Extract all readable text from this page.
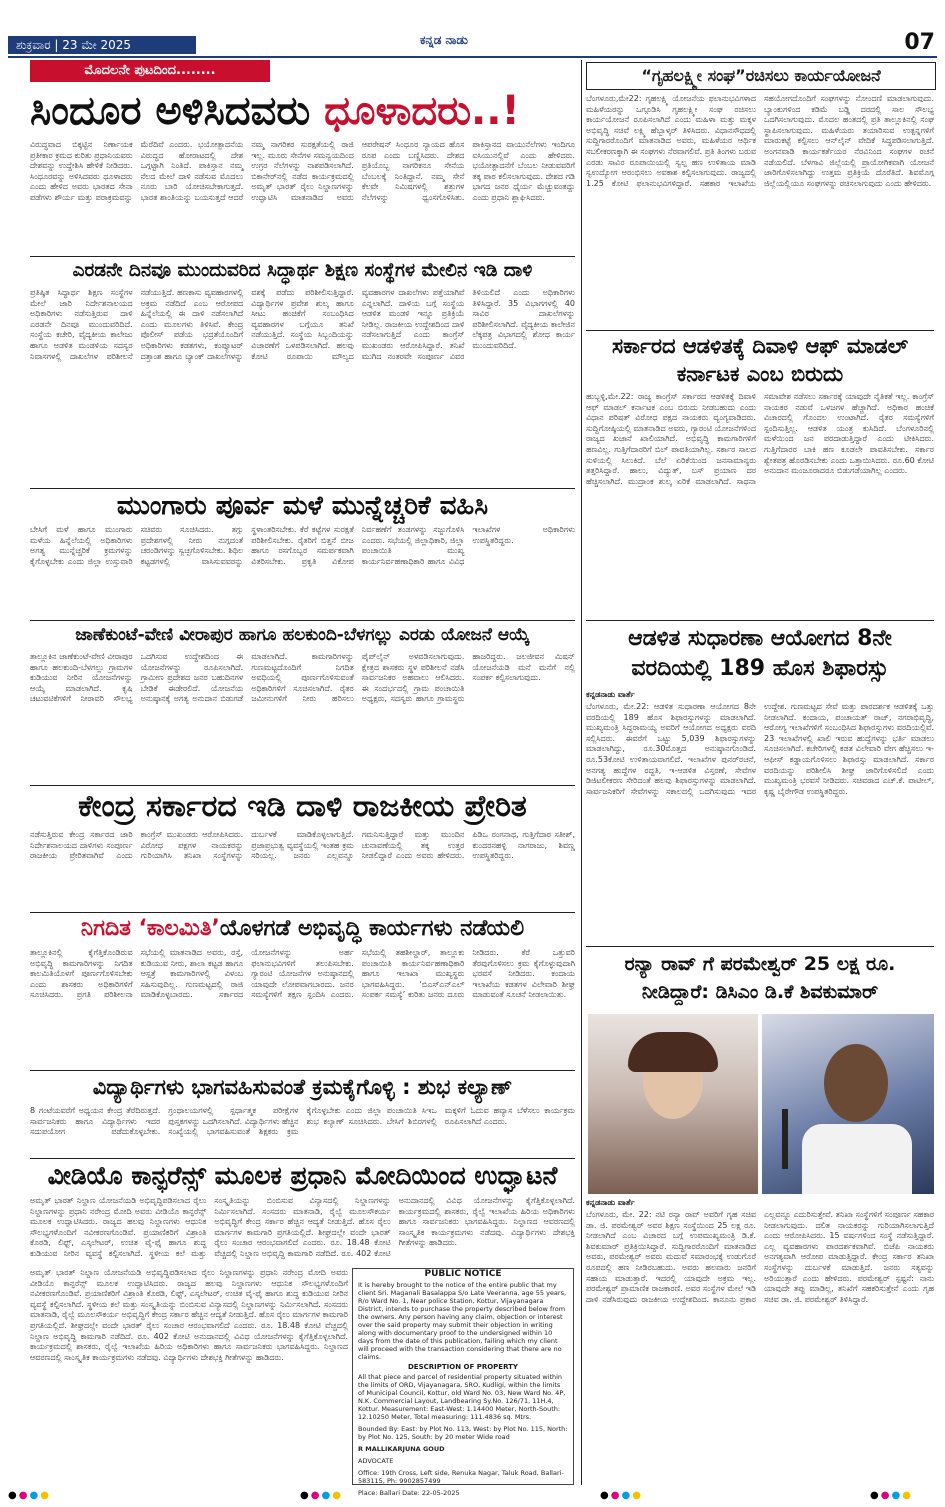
ಶುಕ್ರವಾರ | 23 ಮೇ 2025	ಕನ್ನಡ ನಾಡು	07
ಮೊದಲನೇ ಪುಟದಿಂದ........
ಸಿಂದೂರ ಅಳಿಸಿದವರು ಧೂಳಾದರು..!
ವಿರುದ್ಧವಾದ ಬಿಕ್ಕಟ್ಟಿನ ನಿರ್ಣಾಯಕ ಪ್ರತೀಕಾರ ಕ್ರಮದ ಕುರಿತು ಪ್ರಧಾನಿಯವರು ದೇಶವನ್ನು ಉದ್ದೇಶಿಸಿ ಹೇಳಿಕೆ ನೀಡಿದರು. ಸಿಂಧೂರವನ್ನು ಅಳಿಸಿದವರು ಧೂಳಾದರು ಎಂದು ಹೇಳಿದ ಅವರು ಭಾರತದ ಸೇನಾ ಪಡೆಗಳು ಶೌರ್ಯ ಮತ್ತು ಪರಾಕ್ರಮವನ್ನು ಮೆರೆದಿವೆ ಎಂದರು. ಭಯೋತ್ಪಾದನೆಯ ವಿರುದ್ಧದ ಹೋರಾಟದಲ್ಲಿ ದೇಶ ಒಗ್ಗಟ್ಟಾಗಿ ನಿಂತಿದೆ. ಪಾಕಿಸ್ತಾನ ನಮ್ಮ ನೆಲದ ಮೇಲೆ ದಾಳಿ ನಡೆಸುವ ಮೊದಲು ನೂರು ಬಾರಿ ಯೋಚಿಸಬೇಕಾಗುತ್ತದೆ. ಭಾರತ ಶಾಂತಿಯನ್ನು ಬಯಸುತ್ತದೆ ಆದರೆ ನಮ್ಮ ನಾಗರಿಕರ ಸುರಕ್ಷತೆಯಲ್ಲಿ ರಾಜಿ ಇಲ್ಲ. ಮೂರು ಸೇನೆಗಳ ಸಮನ್ವಯದಿಂದ ಉಗ್ರರ ನೆಲೆಗಳನ್ನು ನಾಶಪಡಿಸಲಾಗಿದೆ. ಬಿಕಾನೇರ್‌ನಲ್ಲಿ ನಡೆದ ಕಾರ್ಯಕ್ರಮದಲ್ಲಿ ಅಮೃತ್ ಭಾರತ್ ರೈಲು ನಿಲ್ದಾಣಗಳನ್ನು ಉದ್ಘಾಟಿಸಿ ಮಾತನಾಡಿದ ಅವರು ಆಪರೇಷನ್ ಸಿಂಧೂರ ನ್ಯಾಯದ ಹೊಸ ರೂಪ ಎಂದು ಬಣ್ಣಿಸಿದರು. ದೇಶದ ಪ್ರತಿಯೊಬ್ಬ ನಾಗರಿಕನೂ ಸೇನೆಯ ಬೆಂಬಲಕ್ಕೆ ನಿಂತಿದ್ದಾನೆ. ನಮ್ಮ ಸೇನೆ ಕೆಲವೇ ನಿಮಿಷಗಳಲ್ಲಿ ಶತ್ರುಗಳ ನೆಲೆಗಳನ್ನು ಧ್ವಂಸಗೊಳಿಸಿತು. ಪಾಕಿಸ್ತಾನದ ವಾಯುನೆಲೆಗಳು ಇಂದಿಗೂ ಐಸಿಯುನಲ್ಲಿವೆ ಎಂದು ಹೇಳಿದರು. ಭಯೋತ್ಪಾದನೆಗೆ ಬೆಂಬಲ ನೀಡುವವರಿಗೆ ತಕ್ಕ ಪಾಠ ಕಲಿಸಲಾಗುವುದು. ದೇಶದ ಗಡಿ ಭಾಗದ ಜನರ ಧೈರ್ಯ ಮೆಚ್ಚುವಂತದ್ದು ಎಂದು ಪ್ರಧಾನಿ ಶ್ಲಾಘಿಸಿದರು.
ಎರಡನೇ ದಿನವೂ ಮುಂದುವರಿದ ಸಿದ್ಧಾರ್ಥ ಶಿಕ್ಷಣ ಸಂಸ್ಥೆಗಳ ಮೇಲಿನ ಇಡಿ ದಾಳಿ
ಪ್ರತಿಷ್ಠಿತ ಸಿದ್ಧಾರ್ಥ ಶಿಕ್ಷಣ ಸಂಸ್ಥೆಗಳ ಮೇಲೆ ಜಾರಿ ನಿರ್ದೇಶನಾಲಯದ ಅಧಿಕಾರಿಗಳು ನಡೆಸುತ್ತಿರುವ ದಾಳಿ ಎರಡನೇ ದಿನವೂ ಮುಂದುವರಿದಿದೆ. ಸಂಸ್ಥೆಯ ಕಚೇರಿ, ವೈದ್ಯಕೀಯ ಕಾಲೇಜು ಹಾಗೂ ಆಡಳಿತ ಮಂಡಳಿಯ ಸದಸ್ಯರ ನಿವಾಸಗಳಲ್ಲಿ ದಾಖಲೆಗಳ ಪರಿಶೀಲನೆ ನಡೆಯುತ್ತಿದೆ. ಹಣಕಾಸು ವ್ಯವಹಾರಗಳಲ್ಲಿ ಅಕ್ರಮ ನಡೆದಿದೆ ಎಂಬ ಆರೋಪದ ಹಿನ್ನೆಲೆಯಲ್ಲಿ ಈ ದಾಳಿ ನಡೆಸಲಾಗಿದೆ ಎಂದು ಮೂಲಗಳು ತಿಳಿಸಿವೆ. ಕೇಂದ್ರ ಪೊಲೀಸ್ ಪಡೆಯ ಭದ್ರತೆಯೊಂದಿಗೆ ಅಧಿಕಾರಿಗಳು ಕಡತಗಳು, ಕಂಪ್ಯೂಟರ್ ದತ್ತಾಂಶ ಹಾಗೂ ಬ್ಯಾಂಕ್ ದಾಖಲೆಗಳನ್ನು ವಶಕ್ಕೆ ಪಡೆದು ಪರಿಶೀಲಿಸುತ್ತಿದ್ದಾರೆ. ವಿದ್ಯಾರ್ಥಿಗಳ ಪ್ರವೇಶ ಶುಲ್ಕ ಹಾಗೂ ಸೀಟು ಹಂಚಿಕೆಗೆ ಸಂಬಂಧಿಸಿದ ವ್ಯವಹಾರಗಳ ಬಗ್ಗೆಯೂ ತನಿಖೆ ನಡೆಯುತ್ತಿದೆ. ಸಂಸ್ಥೆಯ ಸಿಬ್ಬಂದಿಯನ್ನು ವಿಚಾರಣೆಗೆ ಒಳಪಡಿಸಲಾಗಿದೆ. ಹಲವು ಕೋಟಿ ರೂಪಾಯಿ ಮೌಲ್ಯದ ವ್ಯವಹಾರಗಳ ದಾಖಲೆಗಳು ಪತ್ತೆಯಾಗಿವೆ ಎನ್ನಲಾಗಿದೆ. ದಾಳಿಯ ಬಗ್ಗೆ ಸಂಸ್ಥೆಯ ಆಡಳಿತ ಮಂಡಳಿ ಇನ್ನೂ ಪ್ರತಿಕ್ರಿಯೆ ನೀಡಿಲ್ಲ. ರಾಜಕೀಯ ಉದ್ದೇಶದಿಂದ ದಾಳಿ ನಡೆಸಲಾಗುತ್ತಿದೆ ಎಂದು ಕಾಂಗ್ರೆಸ್ ಮುಖಂಡರು ಆರೋಪಿಸಿದ್ದಾರೆ. ತನಿಖೆ ಮುಗಿದ ನಂತರವೇ ಸಂಪೂರ್ಣ ವಿವರ ತಿಳಿಯಲಿದೆ ಎಂದು ಅಧಿಕಾರಿಗಳು ತಿಳಿಸಿದ್ದಾರೆ. 35 ವಿಭಾಗಗಳಲ್ಲಿ 40 ಸಾವಿರ ದಾಖಲೆಗಳನ್ನು ಪರಿಶೀಲಿಸಲಾಗಿದೆ. ವೈದ್ಯಕೀಯ ಕಾಲೇಜಿನ ಲೆಕ್ಕಪತ್ರ ವಿಭಾಗದಲ್ಲಿ ಶೋಧ ಕಾರ್ಯ ಮುಂದುವರಿದಿದೆ.
ಮುಂಗಾರು ಪೂರ್ವ ಮಳೆ ಮುನ್ನೆಚ್ಚರಿಕೆ ವಹಿಸಿ
ಬೇಸಿಗೆ ಮಳೆ ಹಾಗೂ ಮುಂಗಾರು ಮಳೆಯ ಹಿನ್ನೆಲೆಯಲ್ಲಿ ಅಧಿಕಾರಿಗಳು ಅಗತ್ಯ ಮುನ್ನೆಚ್ಚರಿಕೆ ಕ್ರಮಗಳನ್ನು ಕೈಗೊಳ್ಳಬೇಕು ಎಂದು ಜಿಲ್ಲಾ ಉಸ್ತುವಾರಿ ಸಚಿವರು ಸೂಚಿಸಿದರು. ತಗ್ಗು ಪ್ರದೇಶಗಳಲ್ಲಿ ನೀರು ನುಗ್ಗದಂತೆ ಚರಂಡಿಗಳನ್ನು ಸ್ವಚ್ಛಗೊಳಿಸಬೇಕು. ಶಿಥಿಲ ಕಟ್ಟಡಗಳಲ್ಲಿ ವಾಸಿಸುವವರನ್ನು ಸ್ಥಳಾಂತರಿಸಬೇಕು. ಕೆರೆ ಕಟ್ಟೆಗಳ ಸುರಕ್ಷತೆ ಪರಿಶೀಲಿಸಬೇಕು. ರೈತರಿಗೆ ಬಿತ್ತನೆ ಬೀಜ ಹಾಗೂ ರಸಗೊಬ್ಬರ ಸಮರ್ಪಕವಾಗಿ ವಿತರಿಸಬೇಕು. ಪ್ರಕೃತಿ ವಿಕೋಪ ನಿರ್ವಹಣೆಗೆ ತಂಡಗಳನ್ನು ಸಜ್ಜುಗೊಳಿಸಿ ಎಂದರು. ಸಭೆಯಲ್ಲಿ ಜಿಲ್ಲಾಧಿಕಾರಿ, ಜಿಲ್ಲಾ ಪಂಚಾಯಿತಿ ಮುಖ್ಯ ಕಾರ್ಯನಿರ್ವಹಣಾಧಿಕಾರಿ ಹಾಗೂ ವಿವಿಧ ಇಲಾಖೆಗಳ ಅಧಿಕಾರಿಗಳು ಉಪಸ್ಥಿತರಿದ್ದರು.
ಜಾಣೆಕುಂಟೆ-ವೇಣಿ ವೀರಾಪುರ ಹಾಗೂ ಹಲಕುಂದಿ-ಬೆಳಗಲ್ಲು ಎರಡು ಯೋಜನೆ ಆಯ್ಕೆ
ತಾಲ್ಲೂಕಿನ ಜಾಣೆಕುಂಟೆ-ವೇಣಿ ವೀರಾಪುರ ಹಾಗೂ ಹಲಕುಂದಿ-ಬೆಳಗಲ್ಲು ಗ್ರಾಮಗಳ ಕುಡಿಯುವ ನೀರಿನ ಯೋಜನೆಗಳನ್ನು ಆಯ್ಕೆ ಮಾಡಲಾಗಿದೆ. ಕೃಷಿ ಚಟುವಟಿಕೆಗಳಿಗೆ ನೀರಾವರಿ ಸೌಲಭ್ಯ ಒದಗಿಸುವ ಉದ್ದೇಶದಿಂದ ಈ ಯೋಜನೆಗಳನ್ನು ರೂಪಿಸಲಾಗಿದೆ. ಗ್ರಾಮೀಣ ಪ್ರದೇಶದ ಜನರ ಬಹುದಿನಗಳ ಬೇಡಿಕೆ ಈಡೇರಲಿದೆ. ಯೋಜನೆಯ ಅನುಷ್ಠಾನಕ್ಕೆ ಅಗತ್ಯ ಅನುದಾನ ಬಿಡುಗಡೆ ಮಾಡಲಾಗಿದೆ. ಕಾಮಗಾರಿಗಳನ್ನು ಗುಣಮಟ್ಟದೊಂದಿಗೆ ನಿಗದಿತ ಅವಧಿಯಲ್ಲಿ ಪೂರ್ಣಗೊಳಿಸುವಂತೆ ಅಧಿಕಾರಿಗಳಿಗೆ ಸೂಚಿಸಲಾಗಿದೆ. ರೈತರ ಜಮೀನುಗಳಿಗೆ ನೀರು ಹರಿಸಲು ಪೈಪ್‌ಲೈನ್ ಅಳವಡಿಸಲಾಗುವುದು. ಕ್ಷೇತ್ರದ ಶಾಸಕರು ಸ್ಥಳ ಪರಿಶೀಲನೆ ನಡೆಸಿ ಸಾರ್ವಜನಿಕರ ಅಹವಾಲು ಆಲಿಸಿದರು. ಈ ಸಂದರ್ಭದಲ್ಲಿ ಗ್ರಾಮ ಪಂಚಾಯಿತಿ ಅಧ್ಯಕ್ಷರು, ಸದಸ್ಯರು ಹಾಗೂ ಗ್ರಾಮಸ್ಥರು ಹಾಜರಿದ್ದರು. ಜಲಜೀವನ ಮಿಷನ್ ಯೋಜನೆಯಡಿ ಮನೆ ಮನೆಗೆ ನಲ್ಲಿ ಸಂಪರ್ಕ ಕಲ್ಪಿಸಲಾಗುವುದು.
ಕೇಂದ್ರ ಸರ್ಕಾರದ ಇಡಿ ದಾಳಿ ರಾಜಕೀಯ ಪ್ರೇರಿತ
ನಡೆಸುತ್ತಿರುವ ಕೇಂದ್ರ ಸರ್ಕಾರದ ಜಾರಿ ನಿರ್ದೇಶನಾಲಯದ ದಾಳಿಗಳು ಸಂಪೂರ್ಣ ರಾಜಕೀಯ ಪ್ರೇರಿತವಾಗಿವೆ ಎಂದು ಕಾಂಗ್ರೆಸ್ ಮುಖಂಡರು ಆರೋಪಿಸಿದರು. ವಿರೋಧ ಪಕ್ಷಗಳ ನಾಯಕರನ್ನು ಗುರಿಯಾಗಿಸಿ ತನಿಖಾ ಸಂಸ್ಥೆಗಳನ್ನು ದುರ್ಬಳಕೆ ಮಾಡಿಕೊಳ್ಳಲಾಗುತ್ತಿದೆ. ಪ್ರಜಾಪ್ರಭುತ್ವ ವ್ಯವಸ್ಥೆಯಲ್ಲಿ ಇಂತಹ ಕ್ರಮ ಸರಿಯಲ್ಲ. ಜನರು ಎಲ್ಲವನ್ನೂ ಗಮನಿಸುತ್ತಿದ್ದಾರೆ ಮತ್ತು ಮುಂದಿನ ಚುನಾವಣೆಯಲ್ಲಿ ತಕ್ಕ ಉತ್ತರ ನೀಡಲಿದ್ದಾರೆ ಎಂದು ಅವರು ಹೇಳಿದರು. ಪಿಡಿಒ ರಂಗನಾಥ, ಗುತ್ತಿಗೆದಾರ ಸತೀಶ್, ಕುಂದರನಹಳ್ಳಿ ನಾಗರಾಜು, ಶಿವಣ್ಣ ಉಪಸ್ಥಿತರಿದ್ದರು.
ನಿಗದಿತ ‘ಕಾಲಮಿತಿ’ಯೊಳಗಡೆ ಅಭಿವೃದ್ಧಿ ಕಾರ್ಯಗಳು ನಡೆಯಲಿ
ತಾಲ್ಲೂಕಿನಲ್ಲಿ ಕೈಗೆತ್ತಿಕೊಂಡಿರುವ ಅಭಿವೃದ್ಧಿ ಕಾಮಗಾರಿಗಳನ್ನು ನಿಗದಿತ ಕಾಲಮಿತಿಯೊಳಗೆ ಪೂರ್ಣಗೊಳಿಸಬೇಕು ಎಂದು ಶಾಸಕರು ಅಧಿಕಾರಿಗಳಿಗೆ ಸೂಚಿಸಿದರು. ಪ್ರಗತಿ ಪರಿಶೀಲನಾ ಸಭೆಯಲ್ಲಿ ಮಾತನಾಡಿದ ಅವರು, ರಸ್ತೆ, ಕುಡಿಯುವ ನೀರು, ಶಾಲಾ ಕಟ್ಟಡ ಹಾಗೂ ಆಸ್ಪತ್ರೆ ಕಾಮಗಾರಿಗಳಲ್ಲಿ ವಿಳಂಬ ಸಹಿಸುವುದಿಲ್ಲ. ಗುಣಮಟ್ಟದಲ್ಲಿ ರಾಜಿ ಮಾಡಿಕೊಳ್ಳಬಾರದು. ಸರ್ಕಾರದ ಯೋಜನೆಗಳನ್ನು ಅರ್ಹ ಫಲಾನುಭವಿಗಳಿಗೆ ತಲುಪಿಸಬೇಕು. ಗ್ಯಾರಂಟಿ ಯೋಜನೆಗಳ ಅನುಷ್ಠಾನದಲ್ಲಿ ಯಾವುದೇ ಲೋಪವಾಗಬಾರದು. ಜನರ ಸಮಸ್ಯೆಗಳಿಗೆ ತಕ್ಷಣ ಸ್ಪಂದಿಸಿ ಎಂದರು. ಸಭೆಯಲ್ಲಿ ತಹಶೀಲ್ದಾರ್, ತಾಲ್ಲೂಕು ಪಂಚಾಯಿತಿ ಕಾರ್ಯನಿರ್ವಹಣಾಧಿಕಾರಿ ಹಾಗೂ ಇಲಾಖಾ ಮುಖ್ಯಸ್ಥರು ಭಾಗವಹಿಸಿದ್ದರು. ‘ಬಿಎಸ್‌ಎನ್‌ಎಲ್ ಸಂಪರ್ಕ ಸಮಸ್ಯೆ’ ಕುರಿತು ಜನರು ದೂರು ನೀಡಿದರು. ಕೆರೆ ಒತ್ತುವರಿ ತೆರವುಗೊಳಿಸಲು ಕ್ರಮ ಕೈಗೊಳ್ಳುವುದಾಗಿ ಭರವಸೆ ನೀಡಿದರು. ಕಂದಾಯ ಇಲಾಖೆಯ ಕಡತಗಳ ವಿಲೇವಾರಿ ಶೀಘ್ರ ಮಾಡುವಂತೆ ಸೂಚನೆ ನೀಡಲಾಯಿತು.
ವಿದ್ಯಾರ್ಥಿಗಳು ಭಾಗವಹಿಸುವಂತೆ ಕ್ರಮಕೈಗೊಳ್ಳಿ : ಶುಭ ಕಲ್ಯಾಣ್
8 ಗಂಟೆಯವರೆಗೆ ಅಧ್ಯಯನ ಕೇಂದ್ರ ತೆರೆದಿರುತ್ತದೆ. ಸಾರ್ವಜನಿಕರು ಹಾಗೂ ವಿದ್ಯಾರ್ಥಿಗಳು ಇದರ ಸದುಪಯೋಗ ಪಡೆದುಕೊಳ್ಳಬೇಕು. ಗ್ರಂಥಾಲಯಗಳಲ್ಲಿ ಸ್ಪರ್ಧಾತ್ಮಕ ಪರೀಕ್ಷೆಗಳ ಪುಸ್ತಕಗಳನ್ನು ಒದಗಿಸಲಾಗಿದೆ. ವಿದ್ಯಾರ್ಥಿಗಳು ಹೆಚ್ಚಿನ ಸಂಖ್ಯೆಯಲ್ಲಿ ಭಾಗವಹಿಸುವಂತೆ ಶಿಕ್ಷಕರು ಕ್ರಮ ಕೈಗೊಳ್ಳಬೇಕು ಎಂದು ಜಿಲ್ಲಾ ಪಂಚಾಯಿತಿ ಸಿಇಒ ಶುಭ ಕಲ್ಯಾಣ್ ಸೂಚಿಸಿದರು. ಬೇಸಿಗೆ ಶಿಬಿರಗಳಲ್ಲಿ ಮಕ್ಕಳಿಗೆ ಓದುವ ಹವ್ಯಾಸ ಬೆಳೆಸಲು ಕಾರ್ಯಕ್ರಮ ರೂಪಿಸಲಾಗಿದೆ ಎಂದರು.
ವೀಡಿಯೊ ಕಾನ್ಫರೆನ್ಸ್ ಮೂಲಕ ಪ್ರಧಾನಿ ಮೋದಿಯಿಂದ ಉದ್ಘಾಟನೆ
ಅಮೃತ್ ಭಾರತ್ ನಿಲ್ದಾಣ ಯೋಜನೆಯಡಿ ಅಭಿವೃದ್ಧಿಪಡಿಸಲಾದ ರೈಲು ನಿಲ್ದಾಣಗಳನ್ನು ಪ್ರಧಾನಿ ನರೇಂದ್ರ ಮೋದಿ ಅವರು ವೀಡಿಯೊ ಕಾನ್ಫರೆನ್ಸ್ ಮೂಲಕ ಉದ್ಘಾಟಿಸಿದರು. ರಾಜ್ಯದ ಹಲವು ನಿಲ್ದಾಣಗಳು ಆಧುನಿಕ ಸೌಲಭ್ಯಗಳೊಂದಿಗೆ ನವೀಕರಣಗೊಂಡಿವೆ. ಪ್ರಯಾಣಿಕರಿಗೆ ವಿಶ್ರಾಂತಿ ಕೊಠಡಿ, ಲಿಫ್ಟ್, ಎಸ್ಕಲೇಟರ್, ಉಚಿತ ವೈ-ಫೈ ಹಾಗೂ ಶುದ್ಧ ಕುಡಿಯುವ ನೀರಿನ ವ್ಯವಸ್ಥೆ ಕಲ್ಪಿಸಲಾಗಿದೆ. ಸ್ಥಳೀಯ ಕಲೆ ಮತ್ತು ಸಂಸ್ಕೃತಿಯನ್ನು ಬಿಂಬಿಸುವ ವಿನ್ಯಾಸದಲ್ಲಿ ನಿಲ್ದಾಣಗಳನ್ನು ನಿರ್ಮಿಸಲಾಗಿದೆ. ಸಂಸದರು ಮಾತನಾಡಿ, ರೈಲ್ವೆ ಮೂಲಸೌಕರ್ಯ ಅಭಿವೃದ್ಧಿಗೆ ಕೇಂದ್ರ ಸರ್ಕಾರ ಹೆಚ್ಚಿನ ಆದ್ಯತೆ ನೀಡುತ್ತಿದೆ. ಹೊಸ ರೈಲು ಮಾರ್ಗಗಳ ಕಾಮಗಾರಿ ಪ್ರಗತಿಯಲ್ಲಿದೆ. ಶೀಘ್ರದಲ್ಲೇ ವಂದೇ ಭಾರತ್ ರೈಲು ಸಂಚಾರ ಆರಂಭವಾಗಲಿದೆ ಎಂದರು. ರೂ. 18.48 ಕೋಟಿ ವೆಚ್ಚದಲ್ಲಿ ನಿಲ್ದಾಣ ಅಭಿವೃದ್ಧಿ ಕಾಮಗಾರಿ ನಡೆದಿದೆ. ರೂ. 402 ಕೋಟಿ ಅನುದಾನದಲ್ಲಿ ವಿವಿಧ ಯೋಜನೆಗಳನ್ನು ಕೈಗೆತ್ತಿಕೊಳ್ಳಲಾಗಿದೆ. ಕಾರ್ಯಕ್ರಮದಲ್ಲಿ ಶಾಸಕರು, ರೈಲ್ವೆ ಇಲಾಖೆಯ ಹಿರಿಯ ಅಧಿಕಾರಿಗಳು ಹಾಗೂ ಸಾರ್ವಜನಿಕರು ಭಾಗವಹಿಸಿದ್ದರು. ನಿಲ್ದಾಣದ ಆವರಣದಲ್ಲಿ ಸಾಂಸ್ಕೃತಿಕ ಕಾರ್ಯಕ್ರಮಗಳು ನಡೆದವು. ವಿದ್ಯಾರ್ಥಿಗಳು ದೇಶಭಕ್ತಿ ಗೀತೆಗಳನ್ನು ಹಾಡಿದರು.
ಅಮೃತ್ ಭಾರತ್ ನಿಲ್ದಾಣ ಯೋಜನೆಯಡಿ ಅಭಿವೃದ್ಧಿಪಡಿಸಲಾದ ರೈಲು ನಿಲ್ದಾಣಗಳನ್ನು ಪ್ರಧಾನಿ ನರೇಂದ್ರ ಮೋದಿ ಅವರು ವೀಡಿಯೊ ಕಾನ್ಫರೆನ್ಸ್ ಮೂಲಕ ಉದ್ಘಾಟಿಸಿದರು. ರಾಜ್ಯದ ಹಲವು ನಿಲ್ದಾಣಗಳು ಆಧುನಿಕ ಸೌಲಭ್ಯಗಳೊಂದಿಗೆ ನವೀಕರಣಗೊಂಡಿವೆ. ಪ್ರಯಾಣಿಕರಿಗೆ ವಿಶ್ರಾಂತಿ ಕೊಠಡಿ, ಲಿಫ್ಟ್, ಎಸ್ಕಲೇಟರ್, ಉಚಿತ ವೈ-ಫೈ ಹಾಗೂ ಶುದ್ಧ ಕುಡಿಯುವ ನೀರಿನ ವ್ಯವಸ್ಥೆ ಕಲ್ಪಿಸಲಾಗಿದೆ. ಸ್ಥಳೀಯ ಕಲೆ ಮತ್ತು ಸಂಸ್ಕೃತಿಯನ್ನು ಬಿಂಬಿಸುವ ವಿನ್ಯಾಸದಲ್ಲಿ ನಿಲ್ದಾಣಗಳನ್ನು ನಿರ್ಮಿಸಲಾಗಿದೆ. ಸಂಸದರು ಮಾತನಾಡಿ, ರೈಲ್ವೆ ಮೂಲಸೌಕರ್ಯ ಅಭಿವೃದ್ಧಿಗೆ ಕೇಂದ್ರ ಸರ್ಕಾರ ಹೆಚ್ಚಿನ ಆದ್ಯತೆ ನೀಡುತ್ತಿದೆ. ಹೊಸ ರೈಲು ಮಾರ್ಗಗಳ ಕಾಮಗಾರಿ ಪ್ರಗತಿಯಲ್ಲಿದೆ. ಶೀಘ್ರದಲ್ಲೇ ವಂದೇ ಭಾರತ್ ರೈಲು ಸಂಚಾರ ಆರಂಭವಾಗಲಿದೆ ಎಂದರು. ರೂ. 18.48 ಕೋಟಿ ವೆಚ್ಚದಲ್ಲಿ ನಿಲ್ದಾಣ ಅಭಿವೃದ್ಧಿ ಕಾಮಗಾರಿ ನಡೆದಿದೆ. ರೂ. 402 ಕೋಟಿ ಅನುದಾನದಲ್ಲಿ ವಿವಿಧ ಯೋಜನೆಗಳನ್ನು ಕೈಗೆತ್ತಿಕೊಳ್ಳಲಾಗಿದೆ. ಕಾರ್ಯಕ್ರಮದಲ್ಲಿ ಶಾಸಕರು, ರೈಲ್ವೆ ಇಲಾಖೆಯ ಹಿರಿಯ ಅಧಿಕಾರಿಗಳು ಹಾಗೂ ಸಾರ್ವಜನಿಕರು ಭಾಗವಹಿಸಿದ್ದರು. ನಿಲ್ದಾಣದ ಆವರಣದಲ್ಲಿ ಸಾಂಸ್ಕೃತಿಕ ಕಾರ್ಯಕ್ರಮಗಳು ನಡೆದವು. ವಿದ್ಯಾರ್ಥಿಗಳು ದೇಶಭಕ್ತಿ ಗೀತೆಗಳನ್ನು ಹಾಡಿದರು.
PUBLIC NOTICE
It is hereby brought to the notice of the entire public that my client Sri. Maganali Basalappa S/o Late Veeranna, age 55 years, R/o Ward No. 1, Near police Station, Kottur, Vijayanagara District, intends to purchase the property described below from the owners. Any person having any claim, objection or interest over the said property may submit their objection in writing along with documentary proof to the undersigned within 10 days from the date of this publication, failing which my client will proceed with the transaction considering that there are no claims.
DESCRIPTION OF PROPERTY
All that piece and parcel of residential property situated within the limits of ORD, Vijayanagara, SRO, Kudligi, within the limits of Municipal Council, Kottur, old Ward No. 03, New Ward No. 4P, N.K. Commercial Layout, Landbearing Sy.No. 126/71, 11H.4, Kottur. Measurement: East-West: 1.14400 Meter, North-South: 12.10250 Meter, Total measuring: 111.4836 sq. Mtrs.
Bounded By: East: by Plot No. 113, West: by Plot No. 115, North: by Plot No. 125, South: by 20 meter Wide road
R MALLIKARJUNA GOUD
ADVOCATE
Office: 19th Cross, Left side, Renuka Nagar, Taluk Road, Ballari-583115, Ph: 9902857499
Place: Ballari Date: 22-05-2025
“ಗೃಹಲಕ್ಷ್ಮೀ ಸಂಘ”ರಚಿಸಲು ಕಾರ್ಯಯೋಜನೆ
ಬೆಂಗಳೂರು,ಮೇ22: ಗೃಹಲಕ್ಷ್ಮಿ ಯೋಜನೆಯ ಫಲಾನುಭವಿಗಳಾದ ಮಹಿಳೆಯರನ್ನು ಒಗ್ಗೂಡಿಸಿ ಗೃಹಲಕ್ಷ್ಮೀ ಸಂಘ ರಚಿಸಲು ಕಾರ್ಯಯೋಜನೆ ರೂಪಿಸಲಾಗಿದೆ ಎಂದು ಮಹಿಳಾ ಮತ್ತು ಮಕ್ಕಳ ಅಭಿವೃದ್ಧಿ ಸಚಿವೆ ಲಕ್ಷ್ಮಿ ಹೆಬ್ಬಾಳ್ಕರ್ ತಿಳಿಸಿದರು. ವಿಧಾನಸೌಧದಲ್ಲಿ ಸುದ್ದಿಗಾರರೊಂದಿಗೆ ಮಾತನಾಡಿದ ಅವರು, ಮಹಿಳೆಯರ ಆರ್ಥಿಕ ಸಬಲೀಕರಣಕ್ಕಾಗಿ ಈ ಸಂಘಗಳು ನೆರವಾಗಲಿವೆ. ಪ್ರತಿ ತಿಂಗಳು ಬರುವ ಎರಡು ಸಾವಿರ ರೂಪಾಯಿಯಲ್ಲಿ ಸ್ವಲ್ಪ ಹಣ ಉಳಿತಾಯ ಮಾಡಿ ಸ್ವಉದ್ಯೋಗ ಆರಂಭಿಸಲು ಅವಕಾಶ ಕಲ್ಪಿಸಲಾಗುವುದು. ರಾಜ್ಯದಲ್ಲಿ 1.25 ಕೋಟಿ ಫಲಾನುಭವಿಗಳಿದ್ದಾರೆ. ಸಹಕಾರ ಇಲಾಖೆಯ ಸಹಯೋಗದೊಂದಿಗೆ ಸಂಘಗಳನ್ನು ನೋಂದಣಿ ಮಾಡಲಾಗುವುದು. ಬ್ಯಾಂಕುಗಳಿಂದ ಕಡಿಮೆ ಬಡ್ಡಿ ದರದಲ್ಲಿ ಸಾಲ ಸೌಲಭ್ಯ ಒದಗಿಸಲಾಗುವುದು. ಮೊದಲ ಹಂತದಲ್ಲಿ ಪ್ರತಿ ತಾಲ್ಲೂಕಿನಲ್ಲಿ ಸಂಘ ಸ್ಥಾಪಿಸಲಾಗುವುದು. ಮಹಿಳೆಯರು ತಯಾರಿಸುವ ಉತ್ಪನ್ನಗಳಿಗೆ ಮಾರುಕಟ್ಟೆ ಕಲ್ಪಿಸಲು ಆನ್‌ಲೈನ್ ವೇದಿಕೆ ಸಿದ್ಧಪಡಿಸಲಾಗುತ್ತಿದೆ. ಅಂಗನವಾಡಿ ಕಾರ್ಯಕರ್ತೆಯರ ನೆರವಿನಿಂದ ಸಂಘಗಳ ರಚನೆ ನಡೆಯಲಿದೆ. ಬೆಳಗಾವಿ ಜಿಲ್ಲೆಯಲ್ಲಿ ಪ್ರಾಯೋಗಿಕವಾಗಿ ಯೋಜನೆ ಜಾರಿಗೊಳಿಸಲಾಗಿದ್ದು ಉತ್ತಮ ಪ್ರತಿಕ್ರಿಯೆ ದೊರೆತಿದೆ. ಶಿವಮೊಗ್ಗ ಜಿಲ್ಲೆಯಲ್ಲಿಯೂ ಸಂಘಗಳನ್ನು ರಚಿಸಲಾಗುವುದು ಎಂದು ಹೇಳಿದರು.
ಸರ್ಕಾರದ ಆಡಳಿತಕ್ಕೆ ದಿವಾಳಿ ಆಫ್ ಮಾಡಲ್ ಕರ್ನಾಟಕ ಎಂಬ ಬಿರುದು
ಹುಬ್ಬಳ್ಳಿ,ಮೇ.22: ರಾಜ್ಯ ಕಾಂಗ್ರೆಸ್ ಸರ್ಕಾರದ ಆಡಳಿತಕ್ಕೆ ದಿವಾಳಿ ಆಫ್ ಮಾಡಲ್ ಕರ್ನಾಟಕ ಎಂಬ ಬಿರುದು ನೀಡಬಹುದು ಎಂದು ವಿಧಾನ ಪರಿಷತ್ ವಿರೋಧ ಪಕ್ಷದ ನಾಯಕರು ವ್ಯಂಗ್ಯವಾಡಿದರು. ಸುದ್ದಿಗೋಷ್ಠಿಯಲ್ಲಿ ಮಾತನಾಡಿದ ಅವರು, ಗ್ಯಾರಂಟಿ ಯೋಜನೆಗಳಿಂದ ರಾಜ್ಯದ ಖಜಾನೆ ಖಾಲಿಯಾಗಿದೆ. ಅಭಿವೃದ್ಧಿ ಕಾಮಗಾರಿಗಳಿಗೆ ಹಣವಿಲ್ಲ. ಗುತ್ತಿಗೆದಾರರಿಗೆ ಬಿಲ್ ಪಾವತಿಯಾಗಿಲ್ಲ. ಸರ್ಕಾರ ಸಾಲದ ಸುಳಿಯಲ್ಲಿ ಸಿಲುಕಿದೆ. ಬೆಲೆ ಏರಿಕೆಯಿಂದ ಜನಸಾಮಾನ್ಯರು ತತ್ತರಿಸಿದ್ದಾರೆ. ಹಾಲು, ವಿದ್ಯುತ್, ಬಸ್ ಪ್ರಯಾಣ ದರ ಹೆಚ್ಚಿಸಲಾಗಿದೆ. ಮುದ್ರಾಂಕ ಶುಲ್ಕ ಏರಿಕೆ ಮಾಡಲಾಗಿದೆ. ಸಾಧನಾ ಸಮಾವೇಶ ನಡೆಸಲು ಸರ್ಕಾರಕ್ಕೆ ಯಾವುದೇ ನೈತಿಕತೆ ಇಲ್ಲ. ಕಾಂಗ್ರೆಸ್ ನಾಯಕರ ನಡುವೆ ಒಳಜಗಳ ಹೆಚ್ಚಾಗಿದೆ. ಅಧಿಕಾರ ಹಂಚಿಕೆ ವಿಚಾರದಲ್ಲಿ ಗೊಂದಲ ಉಂಟಾಗಿದೆ. ರೈತರ ಸಮಸ್ಯೆಗಳಿಗೆ ಸ್ಪಂದಿಸುತ್ತಿಲ್ಲ. ಆಡಳಿತ ಯಂತ್ರ ಕುಸಿದಿದೆ. ಬೆಂಗಳೂರಿನಲ್ಲಿ ಮಳೆಯಿಂದ ಜನ ಪರದಾಡುತ್ತಿದ್ದಾರೆ ಎಂದು ಟೀಕಿಸಿದರು. ಗುತ್ತಿಗೆದಾರರ ಬಾಕಿ ಹಣ ಕೂಡಲೇ ಪಾವತಿಸಬೇಕು. ಸರ್ಕಾರ ಶ್ವೇತಪತ್ರ ಹೊರಡಿಸಬೇಕು ಎಂದು ಒತ್ತಾಯಿಸಿದರು. ರೂ.60 ಕೋಟಿ ಅನುದಾನ ಮಂಜೂರಾದರೂ ಬಿಡುಗಡೆಯಾಗಿಲ್ಲ ಎಂದರು.
ಆಡಳಿತ ಸುಧಾರಣಾ ಆಯೋಗದ 8ನೇ
ವರದಿಯಲ್ಲಿ 189 ಹೊಸ ಶಿಫಾರಸ್ಸು
ಕನ್ನಡನಾಡು ವಾರ್ತೆ
ಬೆಂಗಳೂರು, ಮೇ.22: ಆಡಳಿತ ಸುಧಾರಣಾ ಆಯೋಗದ 8ನೇ ವರದಿಯಲ್ಲಿ 189 ಹೊಸ ಶಿಫಾರಸ್ಸುಗಳನ್ನು ಮಾಡಲಾಗಿದೆ. ಮುಖ್ಯಮಂತ್ರಿ ಸಿದ್ದರಾಮಯ್ಯ ಅವರಿಗೆ ಆಯೋಗದ ಅಧ್ಯಕ್ಷರು ವರದಿ ಸಲ್ಲಿಸಿದರು. ಈವರೆಗೆ ಒಟ್ಟು 5,039 ಶಿಫಾರಸ್ಸುಗಳನ್ನು ಮಾಡಲಾಗಿದ್ದು, ರೂ.30ಮೊತ್ತದ ಅನುಷ್ಠಾನಗೊಂಡಿದೆ. ರೂ.53ಕೋಟಿ ಉಳಿತಾಯವಾಗಲಿದೆ. ಇಲಾಖೆಗಳ ಪುನರ್‌ರಚನೆ, ಅನಗತ್ಯ ಹುದ್ದೆಗಳ ರದ್ದತಿ, ಇ-ಆಡಳಿತ ವಿಸ್ತರಣೆ, ಸೇವೆಗಳ ಡಿಜಿಟಲೀಕರಣ ಸೇರಿದಂತೆ ಹಲವು ಶಿಫಾರಸ್ಸುಗಳನ್ನು ಮಾಡಲಾಗಿದೆ. ಸಾರ್ವಜನಿಕರಿಗೆ ಸೇವೆಗಳನ್ನು ಸಕಾಲದಲ್ಲಿ ಒದಗಿಸುವುದು ಇದರ ಉದ್ದೇಶ. ಗುಣಮಟ್ಟದ ಸೇವೆ ಮತ್ತು ಪಾರದರ್ಶಕ ಆಡಳಿತಕ್ಕೆ ಒತ್ತು ನೀಡಲಾಗಿದೆ. ಕಂದಾಯ, ಪಂಚಾಯತ್ ರಾಜ್, ನಗರಾಭಿವೃದ್ಧಿ, ಆರೋಗ್ಯ ಇಲಾಖೆಗಳಿಗೆ ಸಂಬಂಧಿಸಿದ ಶಿಫಾರಸ್ಸುಗಳು ವರದಿಯಲ್ಲಿವೆ. 23 ಇಲಾಖೆಗಳಲ್ಲಿ ಖಾಲಿ ಇರುವ ಹುದ್ದೆಗಳನ್ನು ಭರ್ತಿ ಮಾಡಲು ಸೂಚಿಸಲಾಗಿದೆ. ಕಚೇರಿಗಳಲ್ಲಿ ಕಡತ ವಿಲೇವಾರಿ ವೇಗ ಹೆಚ್ಚಿಸಲು ಇ-ಆಫೀಸ್ ಕಡ್ಡಾಯಗೊಳಿಸಲು ಶಿಫಾರಸ್ಸು ಮಾಡಲಾಗಿದೆ. ಸರ್ಕಾರ ವರದಿಯನ್ನು ಪರಿಶೀಲಿಸಿ ಶೀಘ್ರ ಜಾರಿಗೊಳಿಸಲಿದೆ ಎಂದು ಮುಖ್ಯಮಂತ್ರಿ ಭರವಸೆ ನೀಡಿದರು. ಸಚಿವರಾದ ಎಚ್.ಕೆ. ಪಾಟೀಲ್, ಕೃಷ್ಣ ಬೈರೇಗೌಡ ಉಪಸ್ಥಿತರಿದ್ದರು.
ರನ್ಯಾ ರಾವ್ ಗೆ ಪರಮೇಶ್ವರ್ 25 ಲಕ್ಷ ರೂ.
ನೀಡಿದ್ದಾರೆ: ಡಿಸಿಎಂ ಡಿ.ಕೆ ಶಿವಕುಮಾರ್
ಕನ್ನಡನಾಡು ವಾರ್ತೆ
ಬೆಂಗಳೂರು, ಮೇ. 22: ನಟಿ ರನ್ಯಾ ರಾವ್ ಅವರಿಗೆ ಗೃಹ ಸಚಿವ ಡಾ. ಜಿ. ಪರಮೇಶ್ವರ್ ಅವರ ಶಿಕ್ಷಣ ಸಂಸ್ಥೆಯಿಂದ 25 ಲಕ್ಷ ರೂ. ನೀಡಲಾಗಿದೆ ಎಂಬ ವಿಚಾರದ ಬಗ್ಗೆ ಉಪಮುಖ್ಯಮಂತ್ರಿ ಡಿ.ಕೆ. ಶಿವಕುಮಾರ್ ಪ್ರತಿಕ್ರಿಯಿಸಿದ್ದಾರೆ. ಸುದ್ದಿಗಾರರೊಂದಿಗೆ ಮಾತನಾಡಿದ ಅವರು, ಪರಮೇಶ್ವರ್ ಅವರು ಮದುವೆ ಸಮಾರಂಭಕ್ಕೆ ಉಡುಗೊರೆ ರೂಪದಲ್ಲಿ ಹಣ ನೀಡಿರಬಹುದು. ಅವರು ಹಲವಾರು ಜನರಿಗೆ ಸಹಾಯ ಮಾಡುತ್ತಾರೆ. ಇದರಲ್ಲಿ ಯಾವುದೇ ಅಕ್ರಮ ಇಲ್ಲ. ಪರಮೇಶ್ವರ್ ಪ್ರಾಮಾಣಿಕ ರಾಜಕಾರಣಿ. ಅವರ ಸಂಸ್ಥೆಗಳ ಮೇಲೆ ಇಡಿ ದಾಳಿ ನಡೆಸಿರುವುದು ರಾಜಕೀಯ ಉದ್ದೇಶದಿಂದ. ಕಾನೂನು ಪ್ರಕಾರ ಎಲ್ಲವನ್ನೂ ಎದುರಿಸುತ್ತೇವೆ. ತನಿಖಾ ಸಂಸ್ಥೆಗಳಿಗೆ ಸಂಪೂರ್ಣ ಸಹಕಾರ ನೀಡಲಾಗುವುದು. ದಲಿತ ನಾಯಕರನ್ನು ಗುರಿಯಾಗಿಸಲಾಗುತ್ತಿದೆ ಎಂದು ಆರೋಪಿಸಿದರು. 15 ವರ್ಷಗಳಿಂದ ಸಂಸ್ಥೆ ನಡೆಸುತ್ತಿದ್ದಾರೆ. ಎಲ್ಲ ವ್ಯವಹಾರಗಳು ಪಾರದರ್ಶಕವಾಗಿವೆ. ಬಿಜೆಪಿ ನಾಯಕರು ಅನಗತ್ಯವಾಗಿ ಆರೋಪ ಮಾಡುತ್ತಿದ್ದಾರೆ. ಕೇಂದ್ರ ಸರ್ಕಾರ ತನಿಖಾ ಸಂಸ್ಥೆಗಳನ್ನು ದುರ್ಬಳಕೆ ಮಾಡುತ್ತಿದೆ. ಜನರು ಸತ್ಯವನ್ನು ಅರಿಯುತ್ತಾರೆ ಎಂದು ಹೇಳಿದರು. ಪರಮೇಶ್ವರ್ ಸ್ಪಷ್ಟನೆ: ನಾನು ಯಾವುದೇ ತಪ್ಪು ಮಾಡಿಲ್ಲ, ತನಿಖೆಗೆ ಸಹಕರಿಸುತ್ತೇನೆ ಎಂದು ಗೃಹ ಸಚಿವ ಡಾ. ಜಿ. ಪರಮೇಶ್ವರ್ ತಿಳಿಸಿದ್ದಾರೆ.
●●●●	●●●●	●●●●	●●●●
